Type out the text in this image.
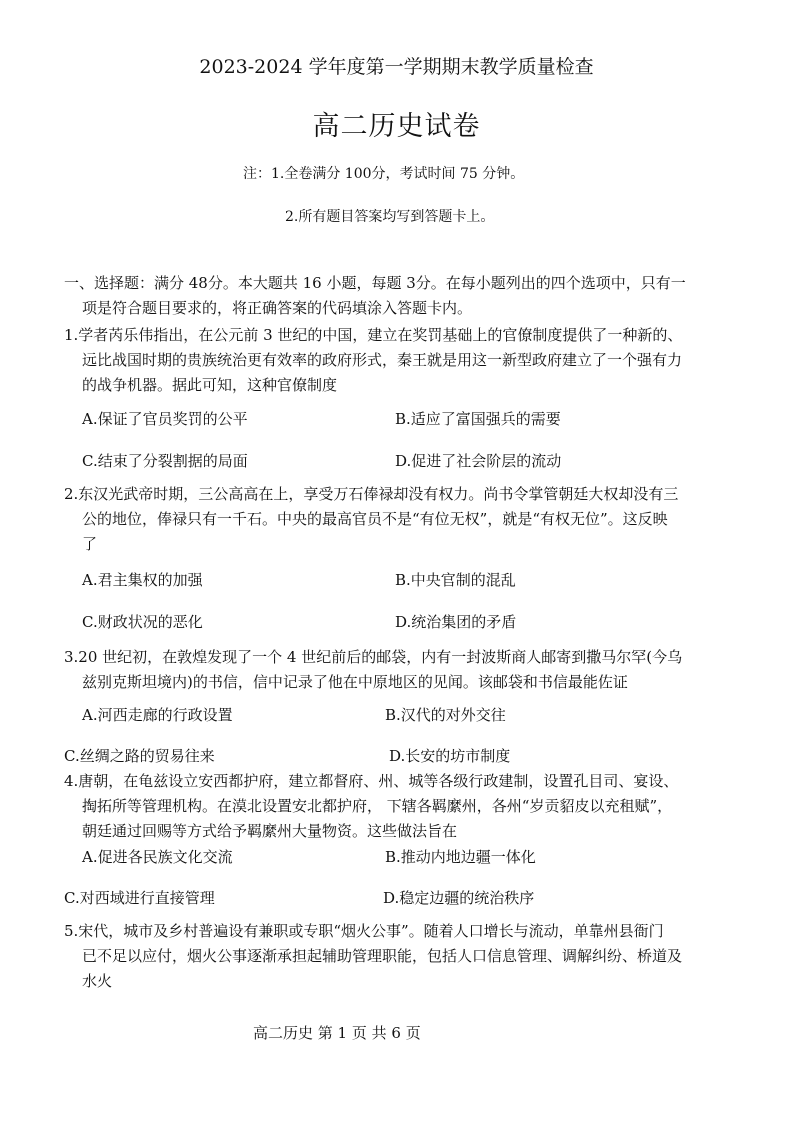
2023-2024 学年度第一学期期末教学质量检查
高二历史试卷
注：1.全卷满分 100分，考试时间 75 分钟。
2.所有题目答案均写到答题卡上。
一、选择题：满分 48分。本大题共 16 小题，每题 3分。在每小题列出的四个选项中，只有一
项是符合题目要求的，将正确答案的代码填涂入答题卡内。
1.学者芮乐伟指出，在公元前 3 世纪的中国，建立在奖罚基础上的官僚制度提供了一种新的、
远比战国时期的贵族统治更有效率的政府形式，秦王就是用这一新型政府建立了一个强有力
的战争机器。据此可知，这种官僚制度
A.保证了官员奖罚的公平	B.适应了富国强兵的需要
C.结束了分裂割据的局面	D.促进了社会阶层的流动
2.东汉光武帝时期，三公高高在上，享受万石俸禄却没有权力。尚书令掌管朝廷大权却没有三
公的地位，俸禄只有一千石。中央的最高官员不是“有位无权”，就是“有权无位”。这反映
了
A.君主集权的加强	B.中央官制的混乱
C.财政状况的恶化	D.统治集团的矛盾
3.20 世纪初，在敦煌发现了一个 4 世纪前后的邮袋，内有一封波斯商人邮寄到撒马尔罕(今乌
兹别克斯坦境内)的书信，信中记录了他在中原地区的见闻。该邮袋和书信最能佐证
A.河西走廊的行政设置	B.汉代的对外交往
C.丝绸之路的贸易往来	D.长安的坊市制度
4.唐朝，在龟兹设立安西都护府，建立都督府、州、城等各级行政建制，设置孔目司、宴设、
掏拓所等管理机构。在漠北设置安北都护府， 下辖各羁縻州，各州“岁贡貂皮以充租赋”，
朝廷通过回赐等方式给予羁縻州大量物资。这些做法旨在
A.促进各民族文化交流	B.推动内地边疆一体化
C.对西域进行直接管理	D.稳定边疆的统治秩序
5.宋代，城市及乡村普遍设有兼职或专职“烟火公事”。随着人口增长与流动，单靠州县衙门
已不足以应付，烟火公事逐渐承担起辅助管理职能，包括人口信息管理、调解纠纷、桥道及
水火
高二历史 第 1 页 共 6 页
